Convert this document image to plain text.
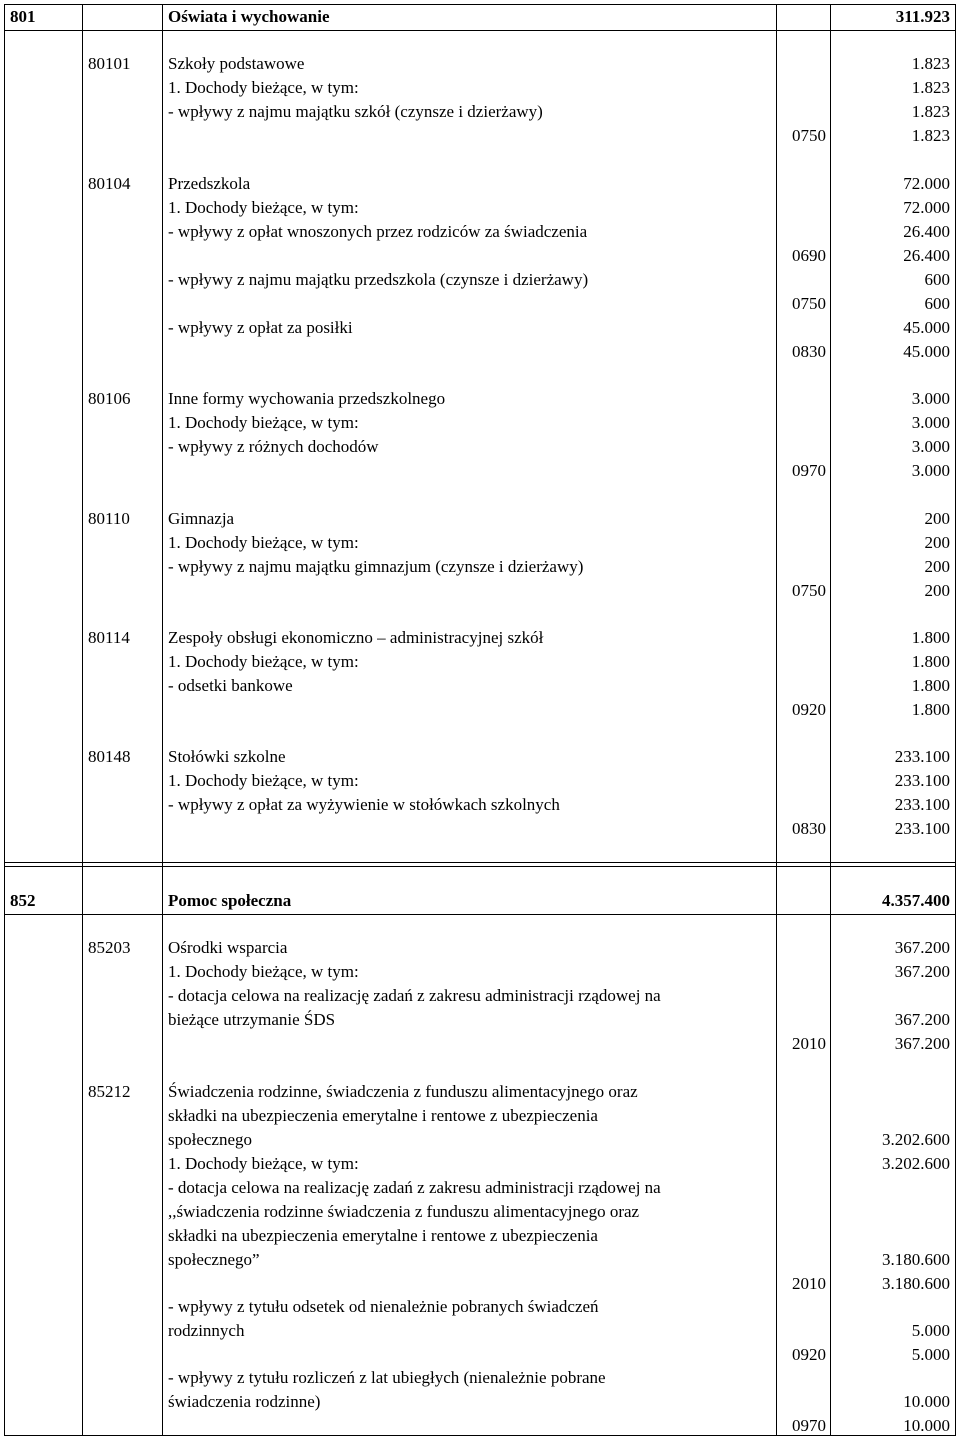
801	Oświata i wychowanie	311.923
80101 Szkoły podstawowe	1.823
1. Dochody bieżące, w tym:	1.823
- wpływy z najmu majątku szkół (czynsze i dzierżawy)	1.823
0750	1.823
80104 Przedszkola	72.000
1. Dochody bieżące, w tym:	72.000
- wpływy z opłat wnoszonych przez rodziców za świadczenia	26.400
0690	26.400
- wpływy z najmu majątku przedszkola (czynsze i dzierżawy)	600
0750	600
- wpływy z opłat za posiłki	45.000
0830	45.000
80106 Inne formy wychowania przedszkolnego	3.000
1. Dochody bieżące, w tym:	3.000
- wpływy z różnych dochodów	3.000
0970	3.000
80110 Gimnazja	200
1. Dochody bieżące, w tym:	200
- wpływy z najmu majątku gimnazjum (czynsze i dzierżawy)	200
0750	200
80114 Zespoły obsługi ekonomiczno – administracyjnej szkół	1.800
1. Dochody bieżące, w tym:	1.800
- odsetki bankowe	1.800
0920	1.800
80148 Stołówki szkolne	233.100
1. Dochody bieżące, w tym:	233.100
- wpływy z opłat za wyżywienie w stołówkach szkolnych	233.100
0830	233.100
852	Pomoc społeczna	4.357.400
85203 Ośrodki wsparcia	367.200
1. Dochody bieżące, w tym:	367.200
- dotacja celowa na realizację zadań z zakresu administracji rządowej na
bieżące utrzymanie ŚDS	367.200
2010	367.200
85212 Świadczenia rodzinne, świadczenia z funduszu alimentacyjnego oraz
składki na ubezpieczenia emerytalne i rentowe z ubezpieczenia
społecznego	3.202.600
1. Dochody bieżące, w tym:	3.202.600
- dotacja celowa na realizację zadań z zakresu administracji rządowej na
,,świadczenia rodzinne świadczenia z funduszu alimentacyjnego oraz
składki na ubezpieczenia emerytalne i rentowe z ubezpieczenia
społecznego”	3.180.600
2010	3.180.600
- wpływy z tytułu odsetek od nienależnie pobranych świadczeń
rodzinnych	5.000
0920	5.000
- wpływy z tytułu rozliczeń z lat ubiegłych (nienależnie pobrane
świadczenia rodzinne)	10.000
0970	10.000
